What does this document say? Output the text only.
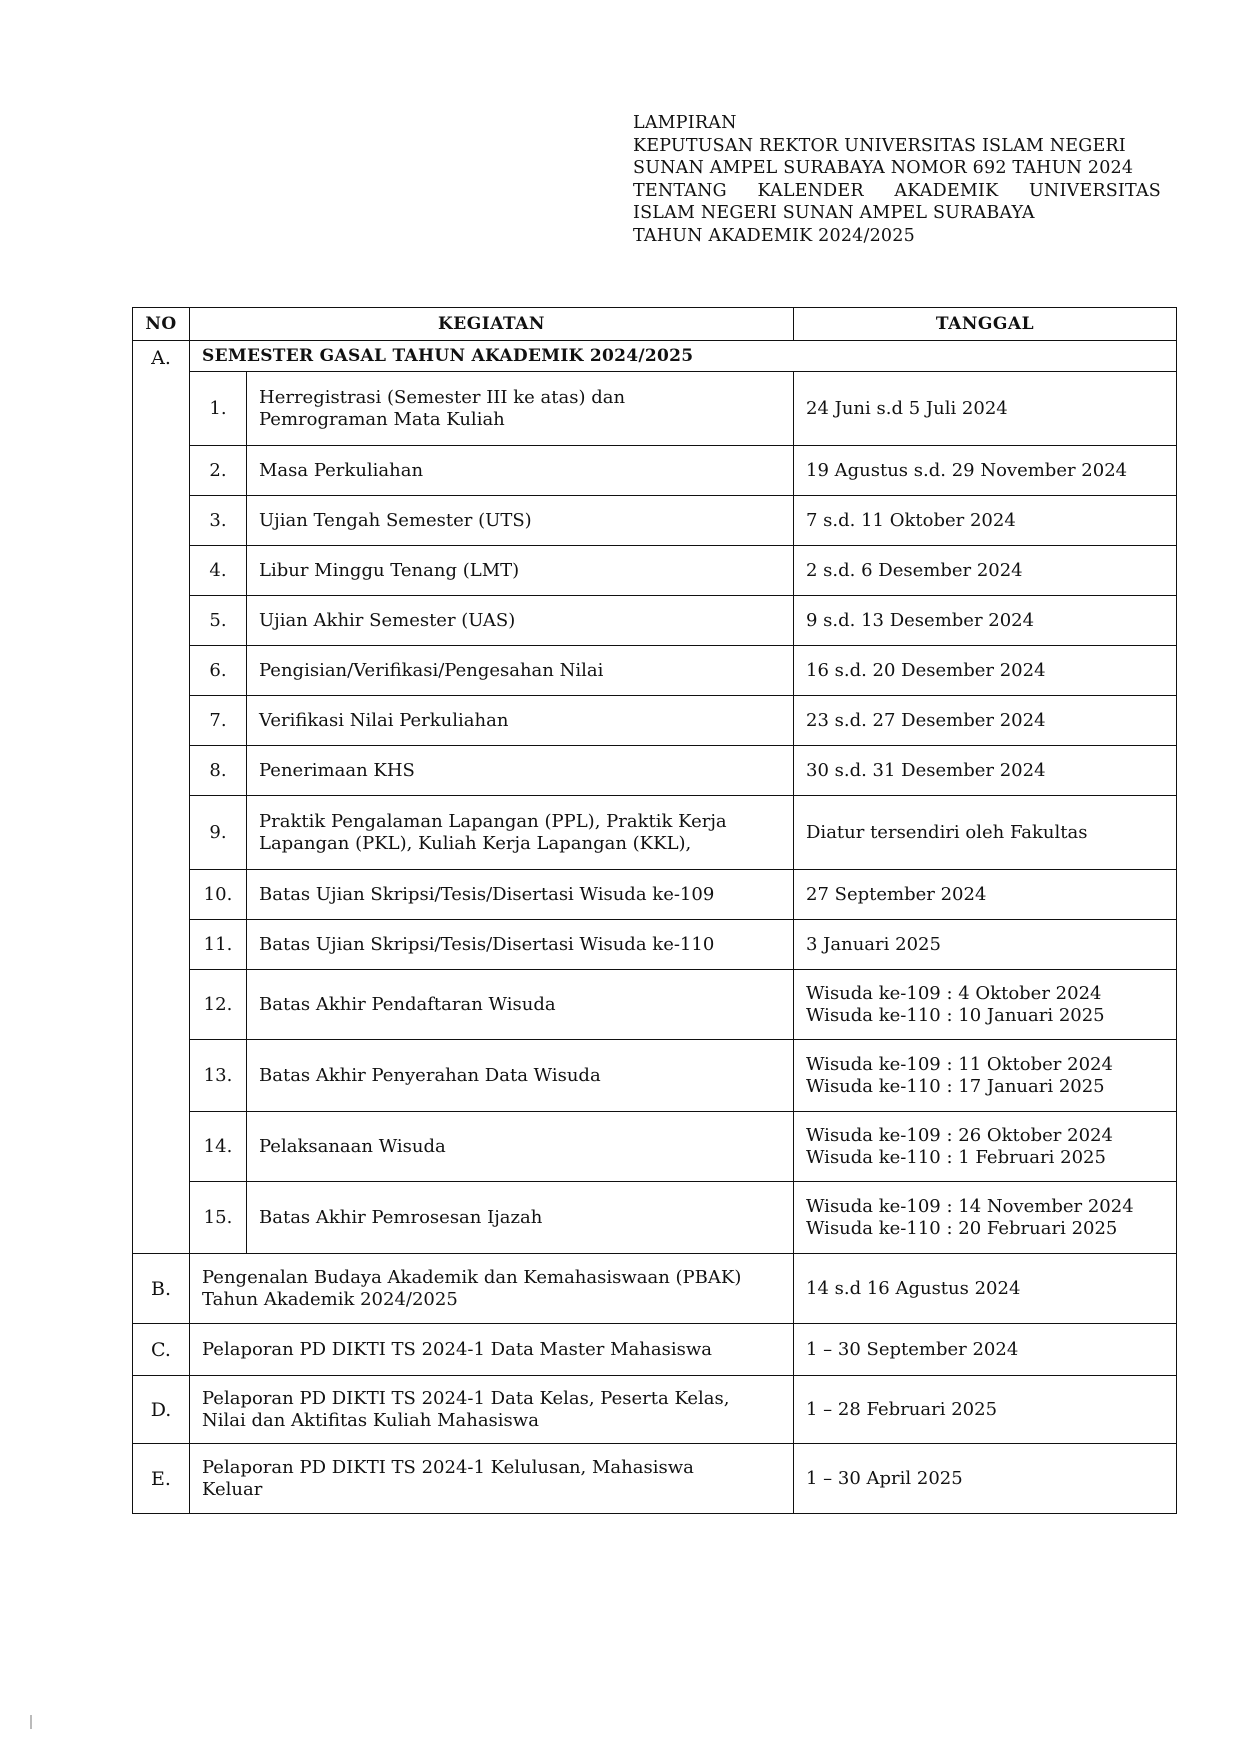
LAMPIRAN
KEPUTUSAN REKTOR UNIVERSITAS ISLAM NEGERI
SUNAN AMPEL SURABAYA NOMOR 692 TAHUN 2024
TENTANG KALENDER AKADEMIK UNIVERSITAS
ISLAM NEGERI SUNAN AMPEL SURABAYA
TAHUN AKADEMIK 2024/2025
NO	KEGIATAN		TANGGAL
A.	SEMESTER GASAL TAHUN AKADEMIK 2024/2025		
	1.	Herregistrasi (Semester III ke atas) dan
Pemrograman Mata Kuliah	24 Juni s.d 5 Juli 2024

	2.	Masa Perkuliahan	19 Agustus s.d. 29 November 2024

	3.	Ujian Tengah Semester (UTS)	7 s.d. 11 Oktober 2024

	4.	Libur Minggu Tenang (LMT)	2 s.d. 6 Desember 2024

	5.	Ujian Akhir Semester (UAS)	9 s.d. 13 Desember 2024

	6.	Pengisian/Verifikasi/Pengesahan Nilai	16 s.d. 20 Desember 2024

	7.	Verifikasi Nilai Perkuliahan	23 s.d. 27 Desember 2024

	8.	Penerimaan KHS	30 s.d. 31 Desember 2024

	9.	Praktik Pengalaman Lapangan (PPL), Praktik Kerja
Lapangan (PKL), Kuliah Kerja Lapangan (KKL),	Diatur tersendiri oleh Fakultas

	10.	Batas Ujian Skripsi/Tesis/Disertasi Wisuda ke-109	27 September 2024

	11.	Batas Ujian Skripsi/Tesis/Disertasi Wisuda ke-110	3 Januari 2025

	12.	Batas Akhir Pendaftaran Wisuda	Wisuda ke-109 : 4 Oktober 2024
Wisuda ke-110 : 10 Januari 2025

	13.	Batas Akhir Penyerahan Data Wisuda	Wisuda ke-109 : 11 Oktober 2024
Wisuda ke-110 : 17 Januari 2025

	14.	Pelaksanaan Wisuda	Wisuda ke-109 : 26 Oktober 2024
Wisuda ke-110 : 1 Februari 2025

	15.	Batas Akhir Pemrosesan Ijazah	Wisuda ke-109 : 14 November 2024
Wisuda ke-110 : 20 Februari 2025

B.	Pengenalan Budaya Akademik dan Kemahasiswaan (PBAK)
Tahun Akademik 2024/2025		14 s.d 16 Agustus 2024
C.	Pelaporan PD DIKTI TS 2024-1 Data Master Mahasiswa		1 – 30 September 2024
D.	Pelaporan PD DIKTI TS 2024-1 Data Kelas, Peserta Kelas,
Nilai dan Aktifitas Kuliah Mahasiswa		1 – 28 Februari 2025
E.	Pelaporan PD DIKTI TS 2024-1 Kelulusan, Mahasiswa
Keluar		1 – 30 April 2025
